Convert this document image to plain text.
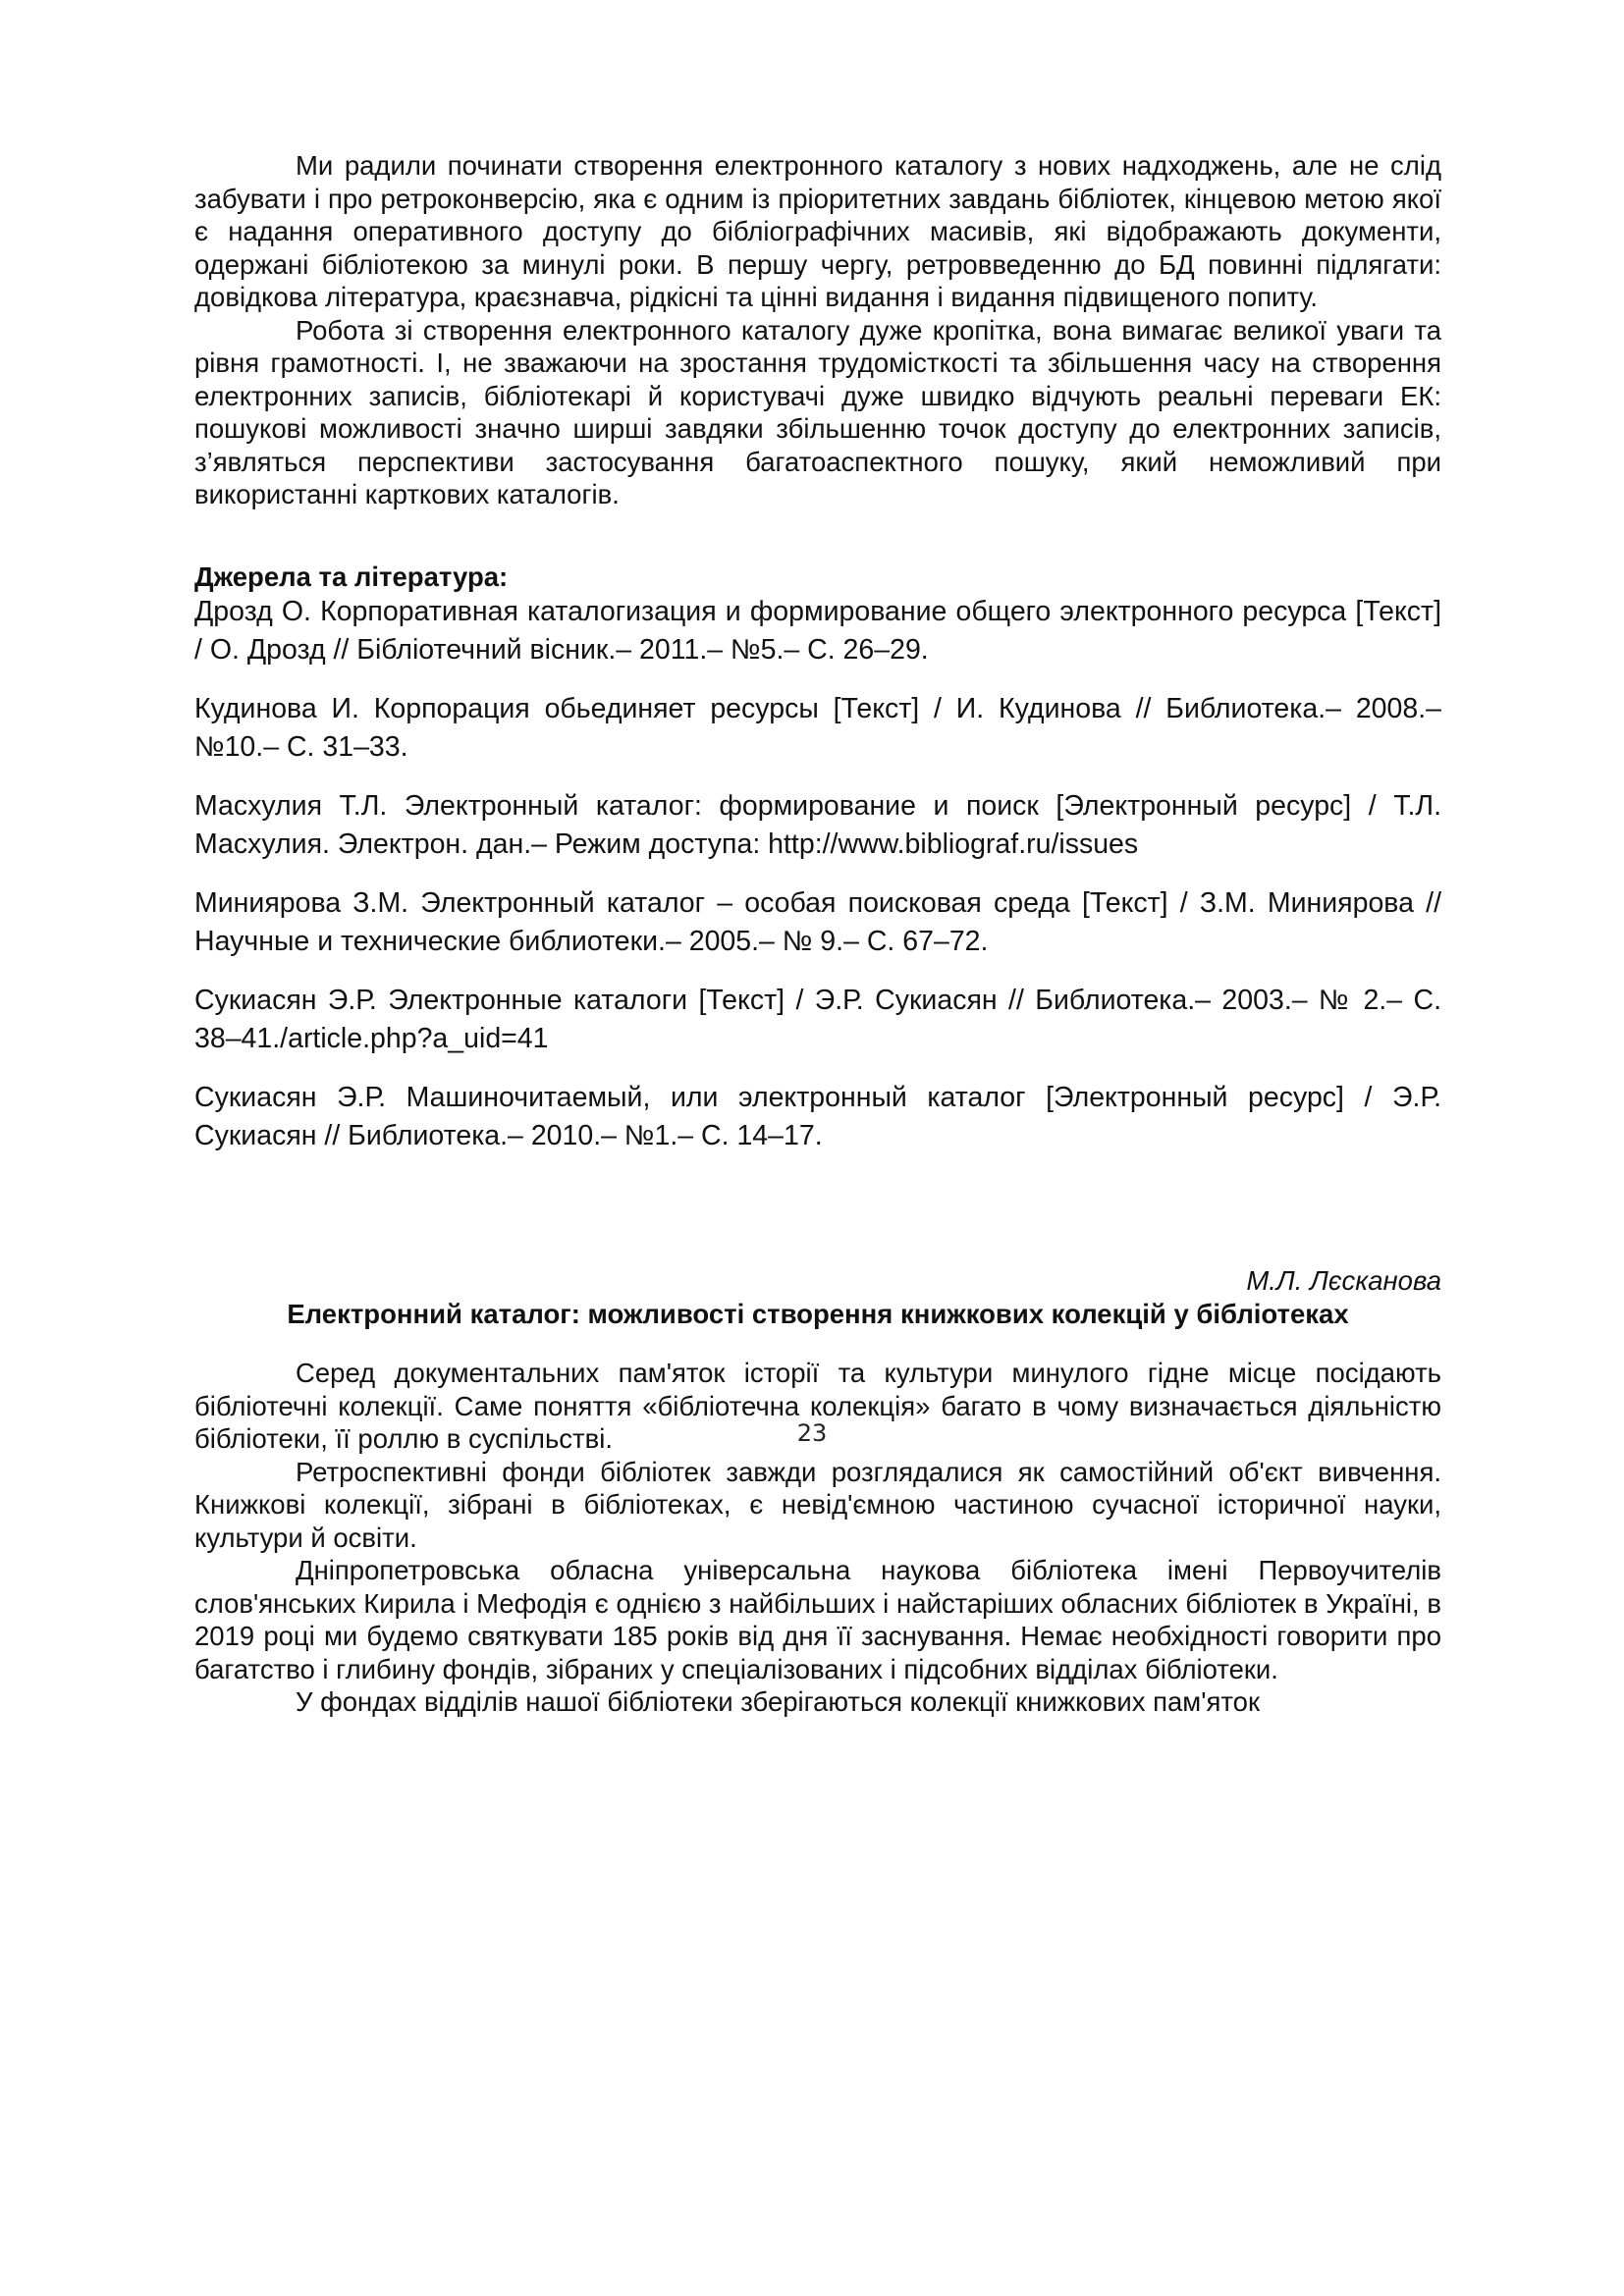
Ми радили починати створення електронного каталогу з нових надходжень, але не слід забувати і про ретроконверсію, яка є одним із пріоритетних завдань бібліотек, кінцевою метою якої є надання оперативного доступу до бібліографічних масивів, які відображають документи, одержані бібліотекою за минулі роки. В першу чергу, ретровведенню до БД повинні підлягати: довідкова література, краєзнавча, рідкісні та цінні видання і видання підвищеного попиту.

Робота зі створення електронного каталогу дуже кропітка, вона вимагає великої уваги та рівня грамотності. І, не зважаючи на зростання трудомісткості та збільшення часу на створення електронних записів, бібліотекарі й користувачі дуже швидко відчують реальні переваги ЕК: пошукові можливості значно ширші завдяки збільшенню точок доступу до електронних записів, з’являться перспективи застосування багатоаспектного пошуку, який неможливий при використанні карткових каталогів.

Джерела та література:

Дрозд О. Корпоративная каталогизация и формирование общего электронного ресурса [Текст] / О. Дрозд // Бібліотечний вісник.– 2011.– №5.– С. 26–29.
Кудинова И. Корпорация обьединяет ресурсы [Текст] / И. Кудинова // Библиотека.– 2008.– №10.– С. 31–33.
Масхулия Т.Л. Электронный каталог: формирование и поиск [Электронный ресурс] / Т.Л. Масхулия. Электрон. дан.– Режим доступа: http://www.bibliograf.ru/issues
Миниярова З.М. Электронный каталог – особая поисковая среда [Текст] / З.М. Миниярова // Научные и технические библиотеки.– 2005.– № 9.– С. 67–72.
Сукиасян Э.Р. Электронные каталоги [Текст] / Э.Р. Сукиасян // Библиотека.– 2003.– № 2.– С. 38–41./article.php?a_uid=41
Сукиасян Э.Р. Машиночитаемый, или электронный каталог [Электронный ресурс] / Э.Р. Сукиасян // Библиотека.– 2010.– №1.– С. 14–17.

М.Л. Лєсканова

Електронний каталог: можливості створення книжкових колекцій у бібліотеках

Серед документальних пам'яток історії та культури минулого гідне місце посідають бібліотечні колекції. Саме поняття «бібліотечна колекція» багато в чому визначається діяльністю бібліотеки, її роллю в суспільстві.

Ретроспективні фонди бібліотек завжди розглядалися як самостійний об'єкт вивчення. Книжкові колекції, зібрані в бібліотеках, є невід'ємною частиною сучасної історичної науки, культури й освіти.

Дніпропетровська обласна універсальна наукова бібліотека імені Первоучителів слов'янських Кирила і Мефодія є однією з найбільших і найстаріших обласних бібліотек в Україні, в 2019 році ми будемо святкувати 185 років від дня її заснування. Немає необхідності говорити про багатство і глибину фондів, зібраних у спеціалізованих і підсобних відділах бібліотеки.

У фондах відділів нашої бібліотеки зберігаються колекції книжкових пам'яток

23
